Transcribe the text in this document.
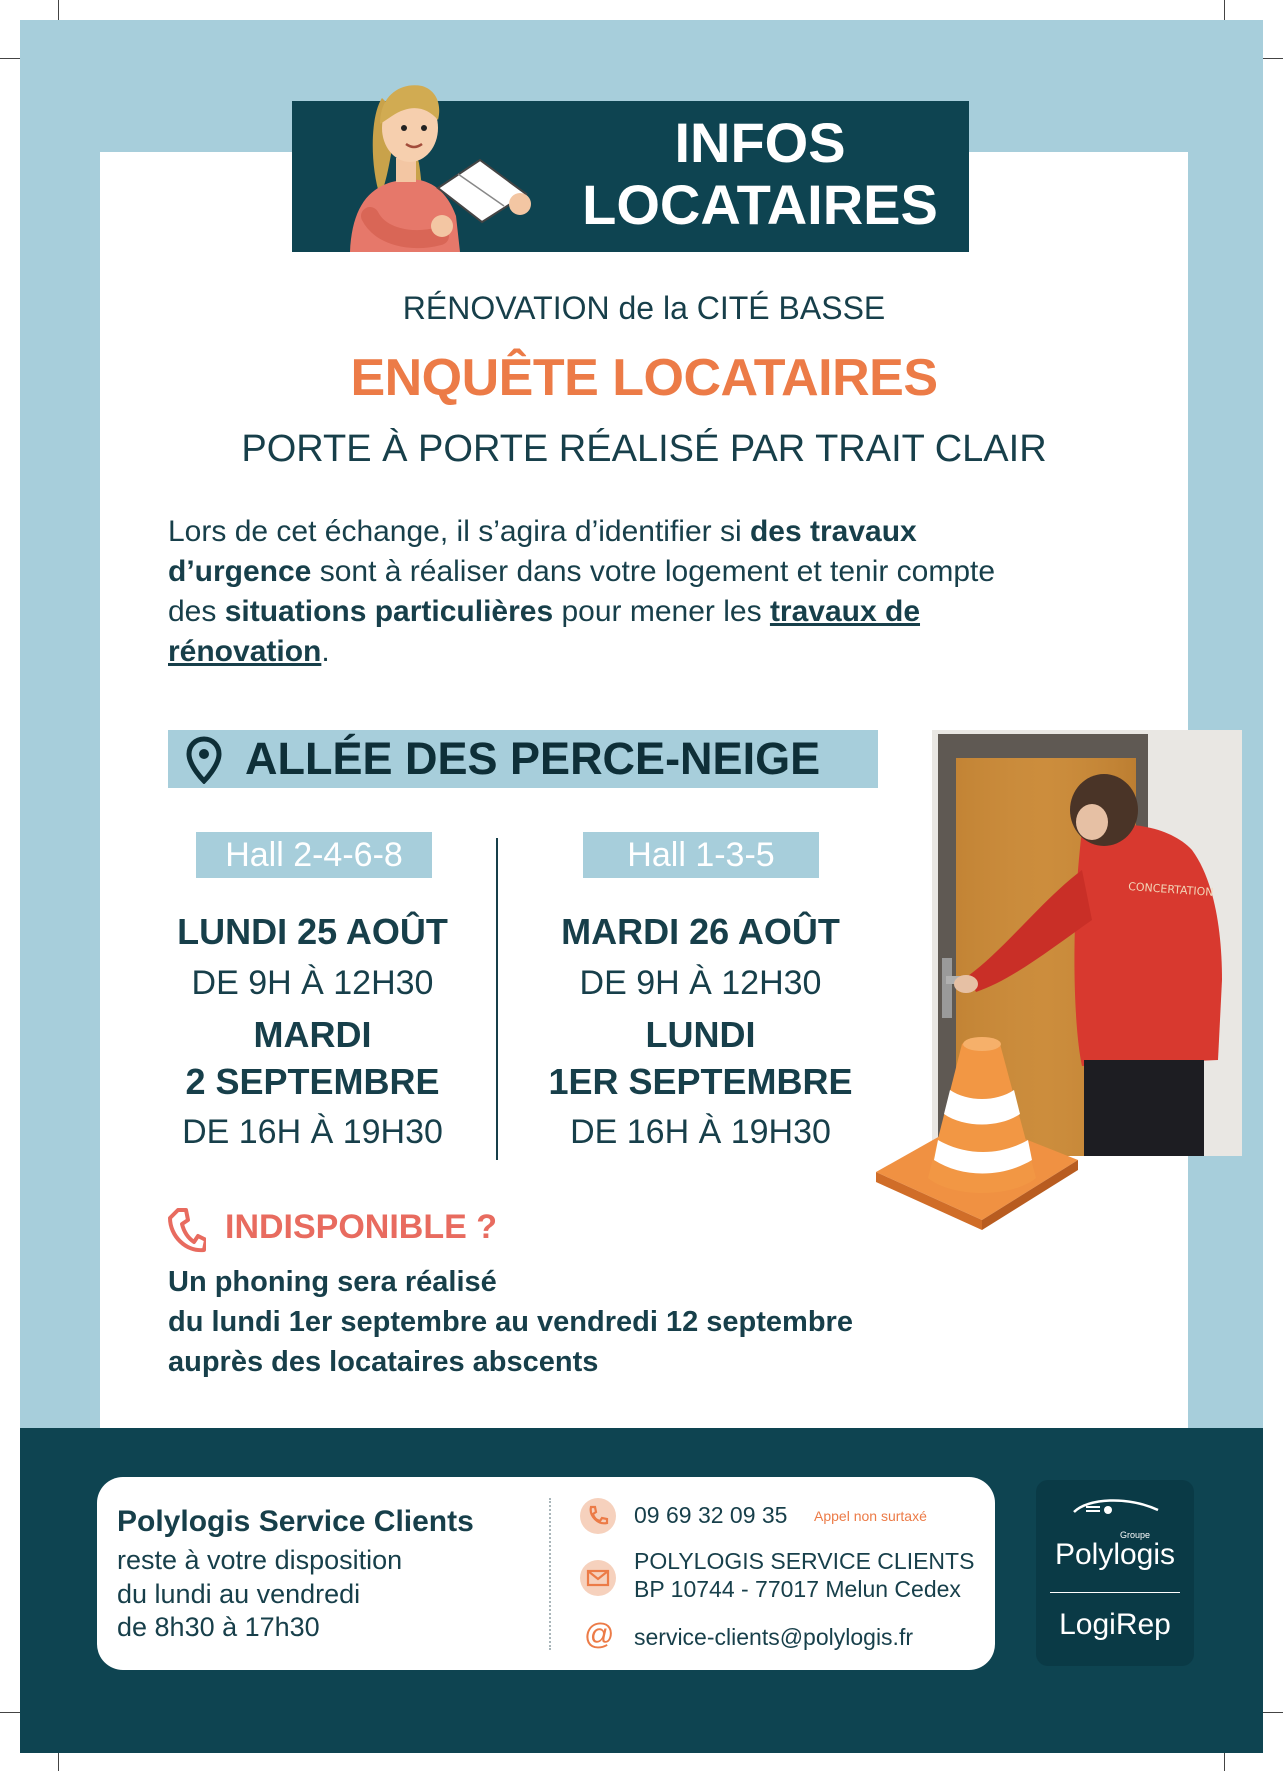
INFOS
LOCATAIRES
RÉNOVATION de la CITÉ BASSE
ENQUÊTE LOCATAIRES
PORTE À PORTE RÉALISÉ PAR TRAIT CLAIR
Lors de cet échange, il s’agira d’identifier si des travaux d’urgence sont à réaliser dans votre logement et tenir compte des situations particulières pour mener les travaux de rénovation.
ALLÉE DES PERCE-NEIGE
Hall 2-4-6-8
LUNDI 25 AOÛT
DE 9H À 12H30
MARDI
2 SEPTEMBRE
DE 16H À 19H30
Hall 1-3-5
MARDI 26 AOÛT
DE 9H À 12H30
LUNDI
1ER SEPTEMBRE
DE 16H À 19H30
CONCERTATION
INDISPONIBLE ?
Un phoning sera réalisé
du lundi 1er septembre au vendredi 12 septembre
auprès des locataires abscents
Polylogis Service Clients
reste à votre disposition
du lundi au vendredi
de 8h30 à 17h30
09 69 32 09 35 Appel non surtaxé
POLYLOGIS SERVICE CLIENTS
BP 10744 - 77017 Melun Cedex
@ service-clients@polylogis.fr
Groupe
Polylogis
LogiRep
